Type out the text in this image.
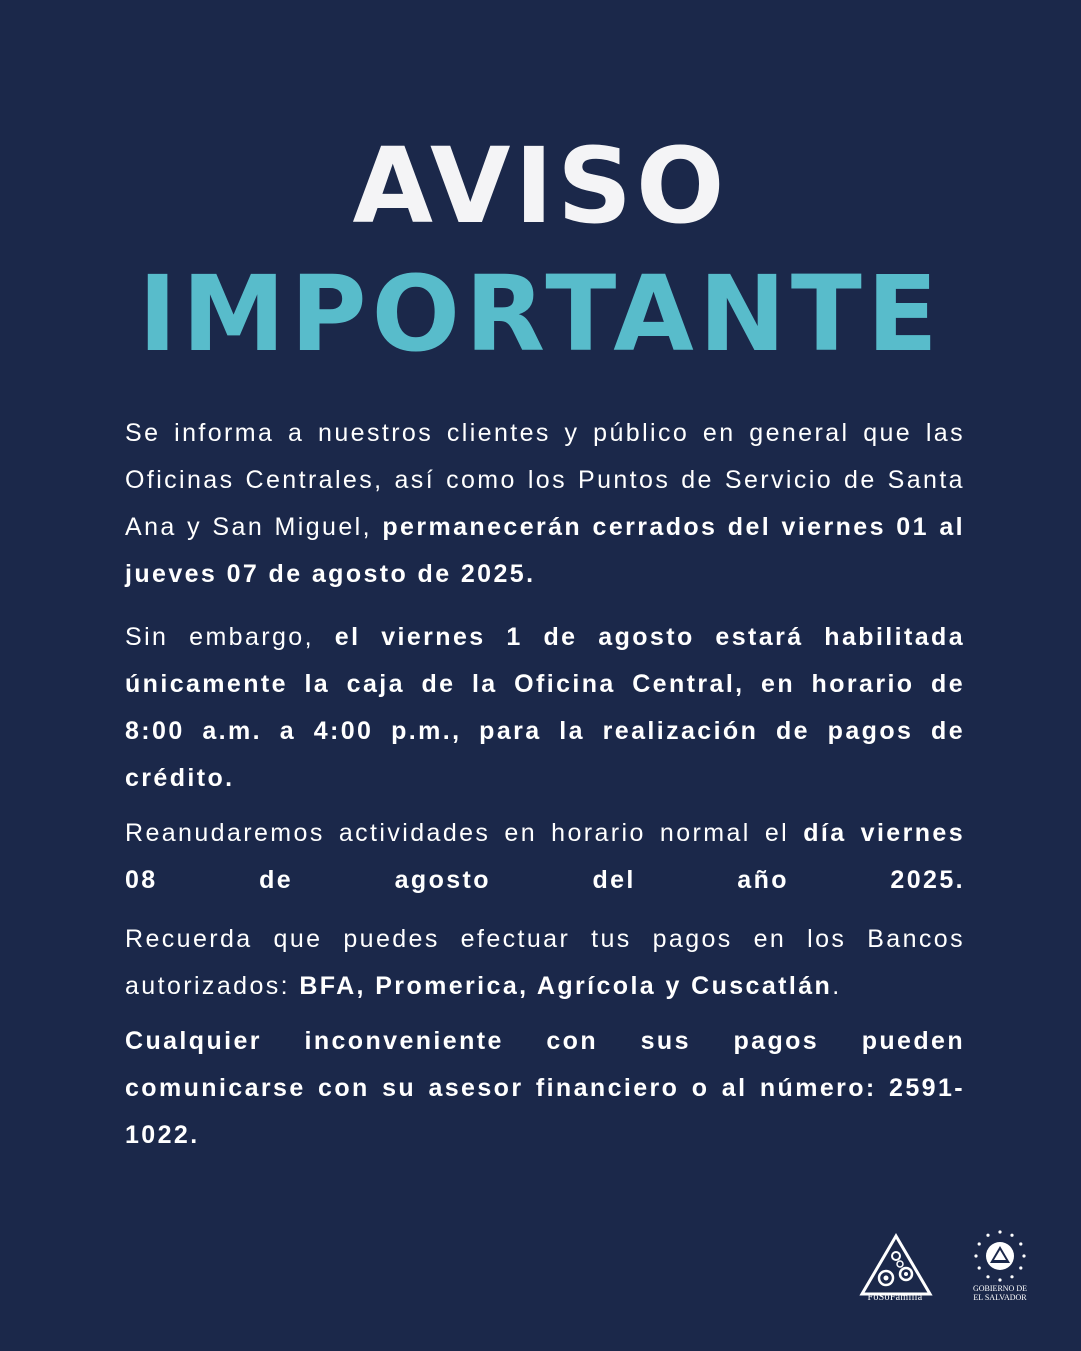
AVISO
IMPORTANTE

Se informa a nuestros clientes y público en general que las Oficinas Centrales, así como los Puntos de Servicio de Santa Ana y San Miguel, permanecerán cerrados del viernes 01 al jueves 07 de agosto de 2025.

Sin embargo, el viernes 1 de agosto estará habilitada únicamente la caja de la Oficina Central, en horario de 8:00 a.m. a 4:00 p.m., para la realización de pagos de crédito.

Reanudaremos actividades en horario normal el día viernes 08 de agosto del año 2025.

Recuerda que puedes efectuar tus pagos en los Bancos autorizados: BFA, Promerica, Agrícola y Cuscatlán.

Cualquier inconveniente con sus pagos pueden comunicarse con su asesor financiero o al número: 2591-1022.

FoSoFamilia
GOBIERNO DE
EL SALVADOR
